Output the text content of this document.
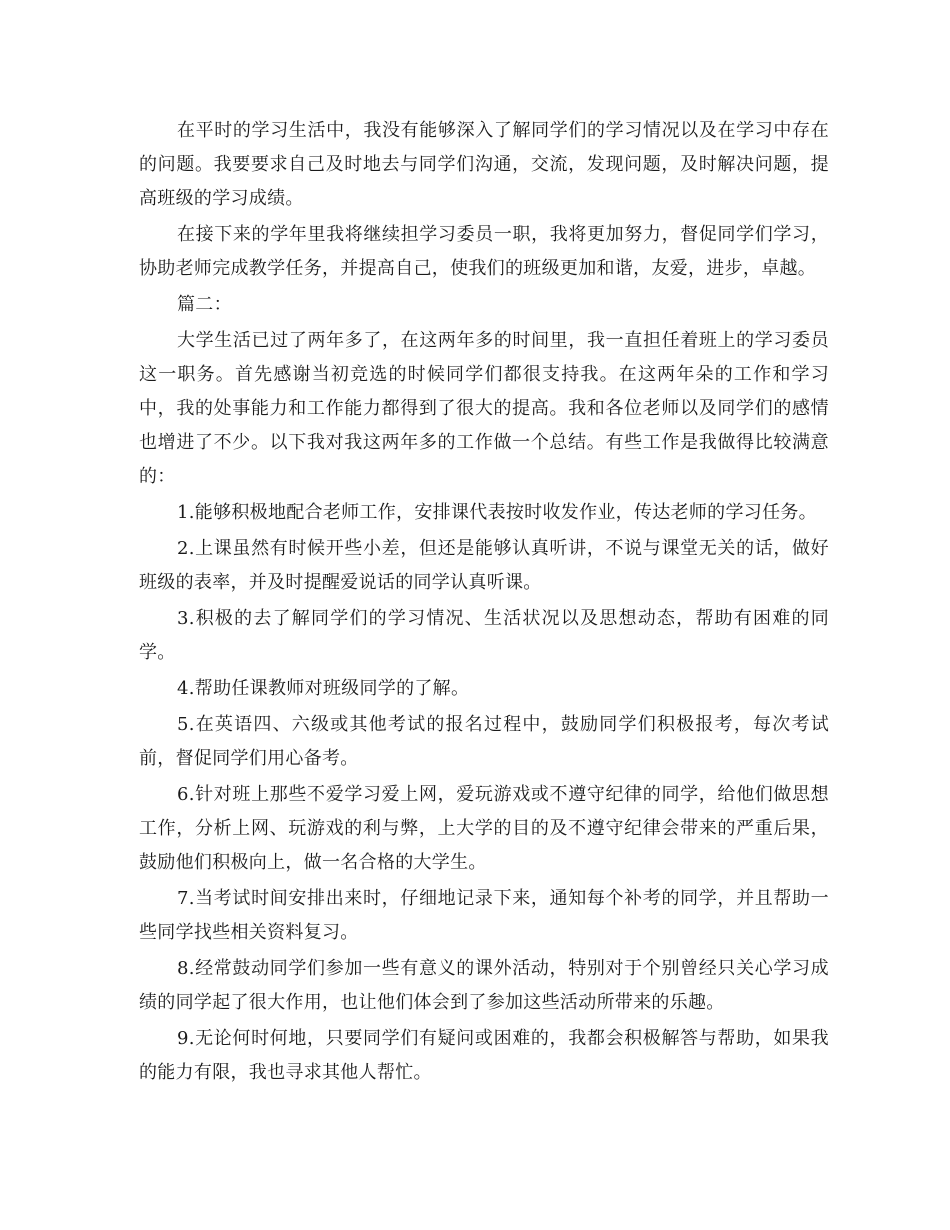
在平时的学习生活中，我没有能够深入了解同学们的学习情况以及在学习中存在的问题。我要要求自己及时地去与同学们沟通，交流，发现问题，及时解决问题，提高班级的学习成绩。

在接下来的学年里我将继续担学习委员一职，我将更加努力，督促同学们学习，协助老师完成教学任务，并提高自己，使我们的班级更加和谐，友爱，进步，卓越。

篇二：

大学生活已过了两年多了，在这两年多的时间里，我一直担任着班上的学习委员这一职务。首先感谢当初竞选的时候同学们都很支持我。在这两年朵的工作和学习中，我的处事能力和工作能力都得到了很大的提高。我和各位老师以及同学们的感情也增进了不少。以下我对我这两年多的工作做一个总结。有些工作是我做得比较满意的：

1.能够积极地配合老师工作，安排课代表按时收发作业，传达老师的学习任务。

2.上课虽然有时候开些小差，但还是能够认真听讲，不说与课堂无关的话，做好班级的表率，并及时提醒爱说话的同学认真听课。

3.积极的去了解同学们的学习情况、生活状况以及思想动态，帮助有困难的同学。

4.帮助任课教师对班级同学的了解。

5.在英语四、六级或其他考试的报名过程中，鼓励同学们积极报考，每次考试前，督促同学们用心备考。

6.针对班上那些不爱学习爱上网，爱玩游戏或不遵守纪律的同学，给他们做思想工作，分析上网、玩游戏的利与弊，上大学的目的及不遵守纪律会带来的严重后果，鼓励他们积极向上，做一名合格的大学生。

7.当考试时间安排出来时，仔细地记录下来，通知每个补考的同学，并且帮助一些同学找些相关资料复习。

8.经常鼓动同学们参加一些有意义的课外活动，特别对于个别曾经只关心学习成绩的同学起了很大作用，也让他们体会到了参加这些活动所带来的乐趣。

9.无论何时何地，只要同学们有疑问或困难的，我都会积极解答与帮助，如果我的能力有限，我也寻求其他人帮忙。
